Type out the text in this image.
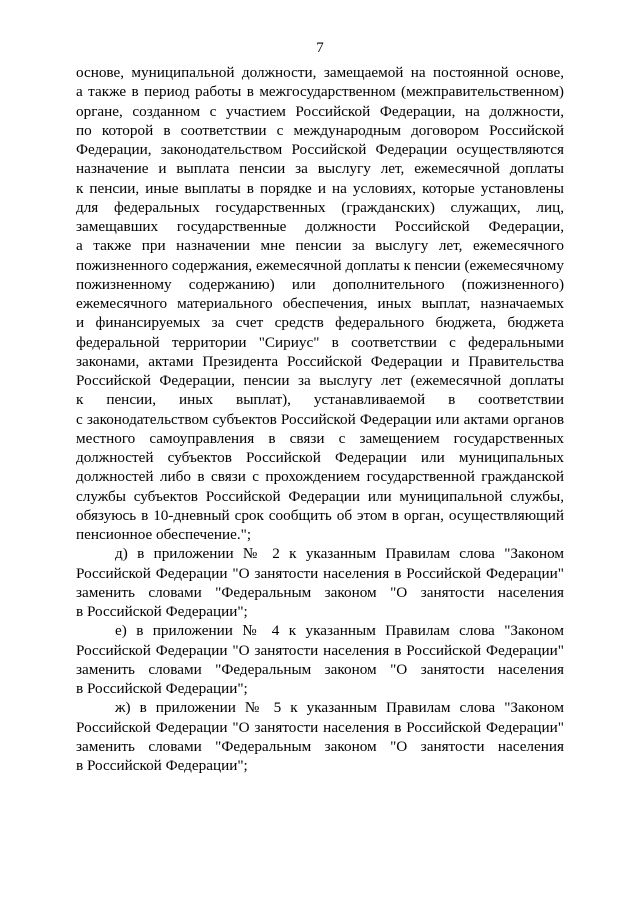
7
основе, муниципальной должности, замещаемой на постоянной основе,
а также в период работы в межгосударственном (межправительственном)
органе, созданном с участием Российской Федерации, на должности,
по которой в соответствии с международным договором Российской
Федерации, законодательством Российской Федерации осуществляются
назначение и выплата пенсии за выслугу лет, ежемесячной доплаты
к пенсии, иные выплаты в порядке и на условиях, которые установлены
для федеральных государственных (гражданских) служащих, лиц,
замещавших государственные должности Российской Федерации,
а также при назначении мне пенсии за выслугу лет, ежемесячного
пожизненного содержания, ежемесячной доплаты к пенсии (ежемесячному
пожизненному содержанию) или дополнительного (пожизненного)
ежемесячного материального обеспечения, иных выплат, назначаемых
и финансируемых за счет средств федерального бюджета, бюджета
федеральной территории "Сириус" в соответствии с федеральными
законами, актами Президента Российской Федерации и Правительства
Российской Федерации, пенсии за выслугу лет (ежемесячной доплаты
к пенсии, иных выплат), устанавливаемой в соответствии
с законодательством субъектов Российской Федерации или актами органов
местного самоуправления в связи с замещением государственных
должностей субъектов Российской Федерации или муниципальных
должностей либо в связи с прохождением государственной гражданской
службы субъектов Российской Федерации или муниципальной службы,
обязуюсь в 10-дневный срок сообщить об этом в орган, осуществляющий
пенсионное обеспечение.";
д) в приложении № 2 к указанным Правилам слова "Законом
Российской Федерации "О занятости населения в Российской Федерации"
заменить словами "Федеральным законом "О занятости населения
в Российской Федерации";
е) в приложении № 4 к указанным Правилам слова "Законом
Российской Федерации "О занятости населения в Российской Федерации"
заменить словами "Федеральным законом "О занятости населения
в Российской Федерации";
ж) в приложении № 5 к указанным Правилам слова "Законом
Российской Федерации "О занятости населения в Российской Федерации"
заменить словами "Федеральным законом "О занятости населения
в Российской Федерации";
